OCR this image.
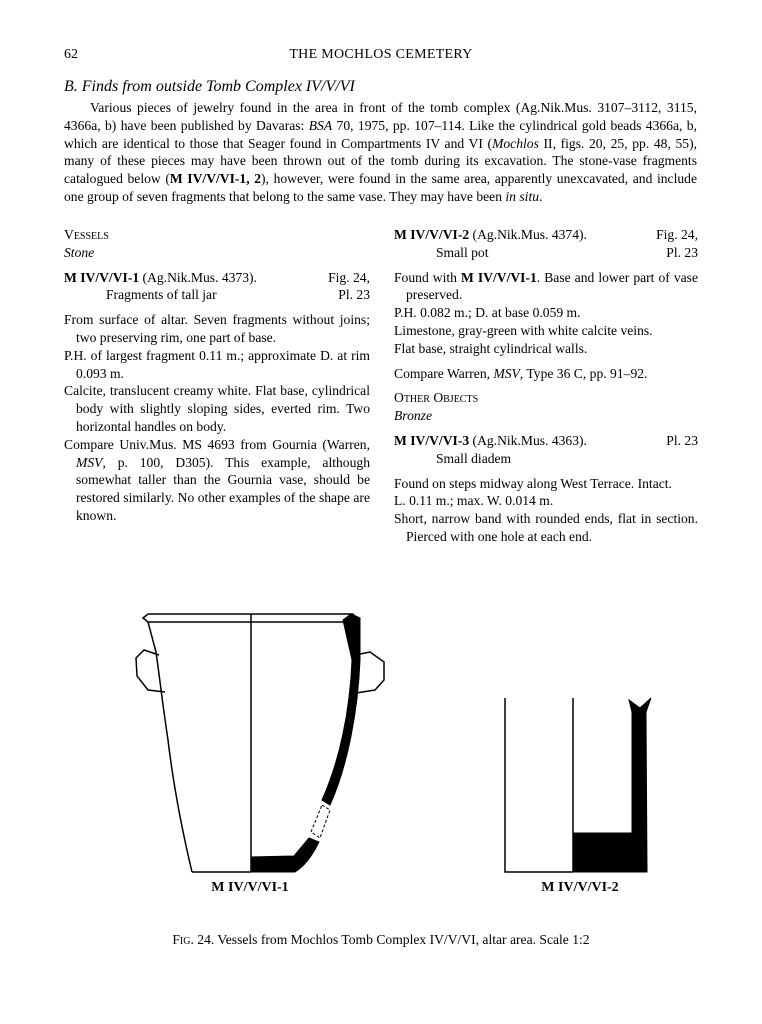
62	THE MOCHLOS CEMETERY
B. Finds from outside Tomb Complex IV/V/VI

Various pieces of jewelry found in the area in front of the tomb complex (Ag.Nik.Mus. 3107–3112, 3115, 4366a, b) have been published by Davaras: BSA 70, 1975, pp. 107–114. Like the cylindrical gold beads 4366a, b, which are identical to those that Seager found in Compartments IV and VI (Mochlos II, figs. 20, 25, pp. 48, 55), many of these pieces may have been thrown out of the tomb during its excavation. The stone-vase fragments catalogued below (M IV/V/VI-1, 2), however, were found in the same area, apparently unexcavated, and include one group of seven fragments that belong to the same vase. They may have been in situ.

Vessels
Stone
M IV/V/VI-1 (Ag.Nik.Mus. 4373).	Fig. 24,
Fragments of tall jar	Pl. 23

From surface of altar. Seven fragments without joins; two preserving rim, one part of base.

P.H. of largest fragment 0.11 m.; approximate D. at rim 0.093 m.

Calcite, translucent creamy white. Flat base, cylindrical body with slightly sloping sides, everted rim. Two horizontal handles on body.

Compare Univ.Mus. MS 4693 from Gournia (Warren, MSV, p. 100, D305). This example, although somewhat taller than the Gournia vase, should be restored similarly. No other examples of the shape are known.

M IV/V/VI-2 (Ag.Nik.Mus. 4374).	Fig. 24,
Small pot	Pl. 23

Found with M IV/V/VI-1. Base and lower part of vase preserved.

P.H. 0.082 m.; D. at base 0.059 m.

Limestone, gray-green with white calcite veins.

Flat base, straight cylindrical walls.

Compare Warren, MSV, Type 36 C, pp. 91–92.

Other Objects
Bronze
M IV/V/VI-3 (Ag.Nik.Mus. 4363).	Pl. 23
Small diadem

Found on steps midway along West Terrace. Intact.

L. 0.11 m.; max. W. 0.014 m.

Short, narrow band with rounded ends, flat in section. Pierced with one hole at each end.

M IV/V/VI-1	M IV/V/VI-2
Fig. 24. Vessels from Mochlos Tomb Complex IV/V/VI, altar area. Scale 1:2
